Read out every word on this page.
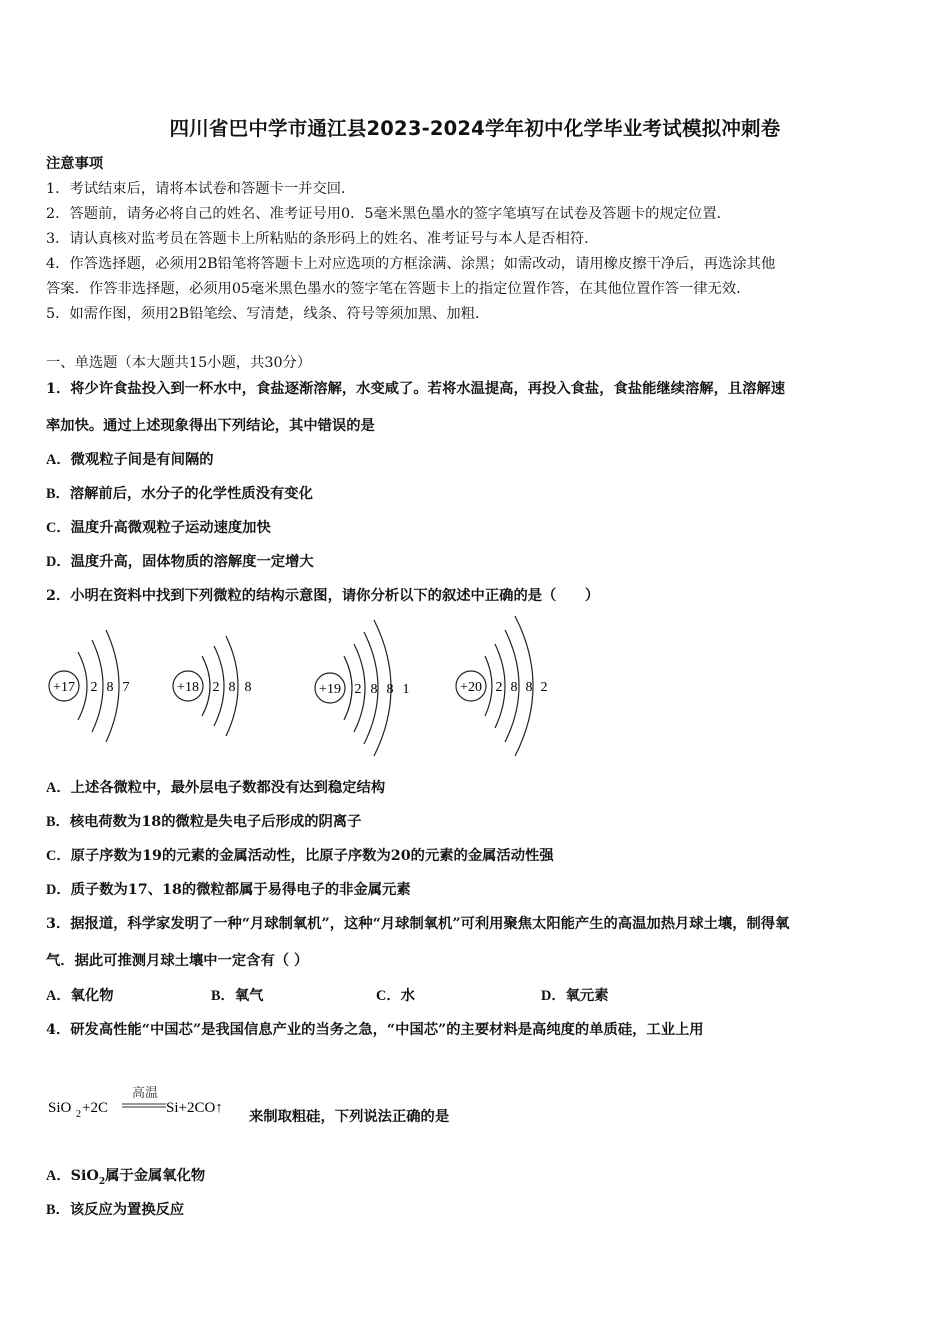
四川省巴中学市通江县2023-2024学年初中化学毕业考试模拟冲刺卷
注意事项
1．考试结束后，请将本试卷和答题卡一并交回．
2．答题前，请务必将自己的姓名、准考证号用0．5毫米黑色墨水的签字笔填写在试卷及答题卡的规定位置．
3．请认真核对监考员在答题卡上所粘贴的条形码上的姓名、准考证号与本人是否相符．
4．作答选择题，必须用2B铅笔将答题卡上对应选项的方框涂满、涂黑；如需改动，请用橡皮擦干净后，再选涂其他
答案．作答非选择题，必须用05毫米黑色墨水的签字笔在答题卡上的指定位置作答，在其他位置作答一律无效．
5．如需作图，须用2B铅笔绘、写清楚，线条、符号等须加黑、加粗．
一、单选题（本大题共15小题，共30分）
1．将少许食盐投入到一杯水中，食盐逐渐溶解，水变咸了。若将水温提高，再投入食盐，食盐能继续溶解，且溶解速
率加快。通过上述现象得出下列结论，其中错误的是
A．微观粒子间是有间隔的
B．溶解前后，水分子的化学性质没有变化
C．温度升高微观粒子运动速度加快
D．温度升高，固体物质的溶解度一定增大
2．小明在资料中找到下列微粒的结构示意图，请你分析以下的叙述中正确的是（　　）
+17 2 8 7	+18 2 8 8	+19 2 8 8 1	+20 2 8 8 2
A．上述各微粒中，最外层电子数都没有达到稳定结构
B．核电荷数为18的微粒是失电子后形成的阴离子
C．原子序数为19的元素的金属活动性，比原子序数为20的元素的金属活动性强
D．质子数为17、18的微粒都属于易得电子的非金属元素
3．据报道，科学家发明了一种“月球制氧机”，这种“月球制氧机”可利用聚焦太阳能产生的高温加热月球土壤，制得氧
气．据此可推测月球土壤中一定含有（ ）
A．氧化物	B．氧气	C．水	D．氧元素
4．研发高性能“中国芯”是我国信息产业的当务之急，“中国芯”的主要材料是高纯度的单质硅，工业上用
SiO 2 +2C
高温
Si+2CO↑
来制取粗硅，下列说法正确的是
A．SiO$_2$属于金属氧化物
B．该反应为置换反应
